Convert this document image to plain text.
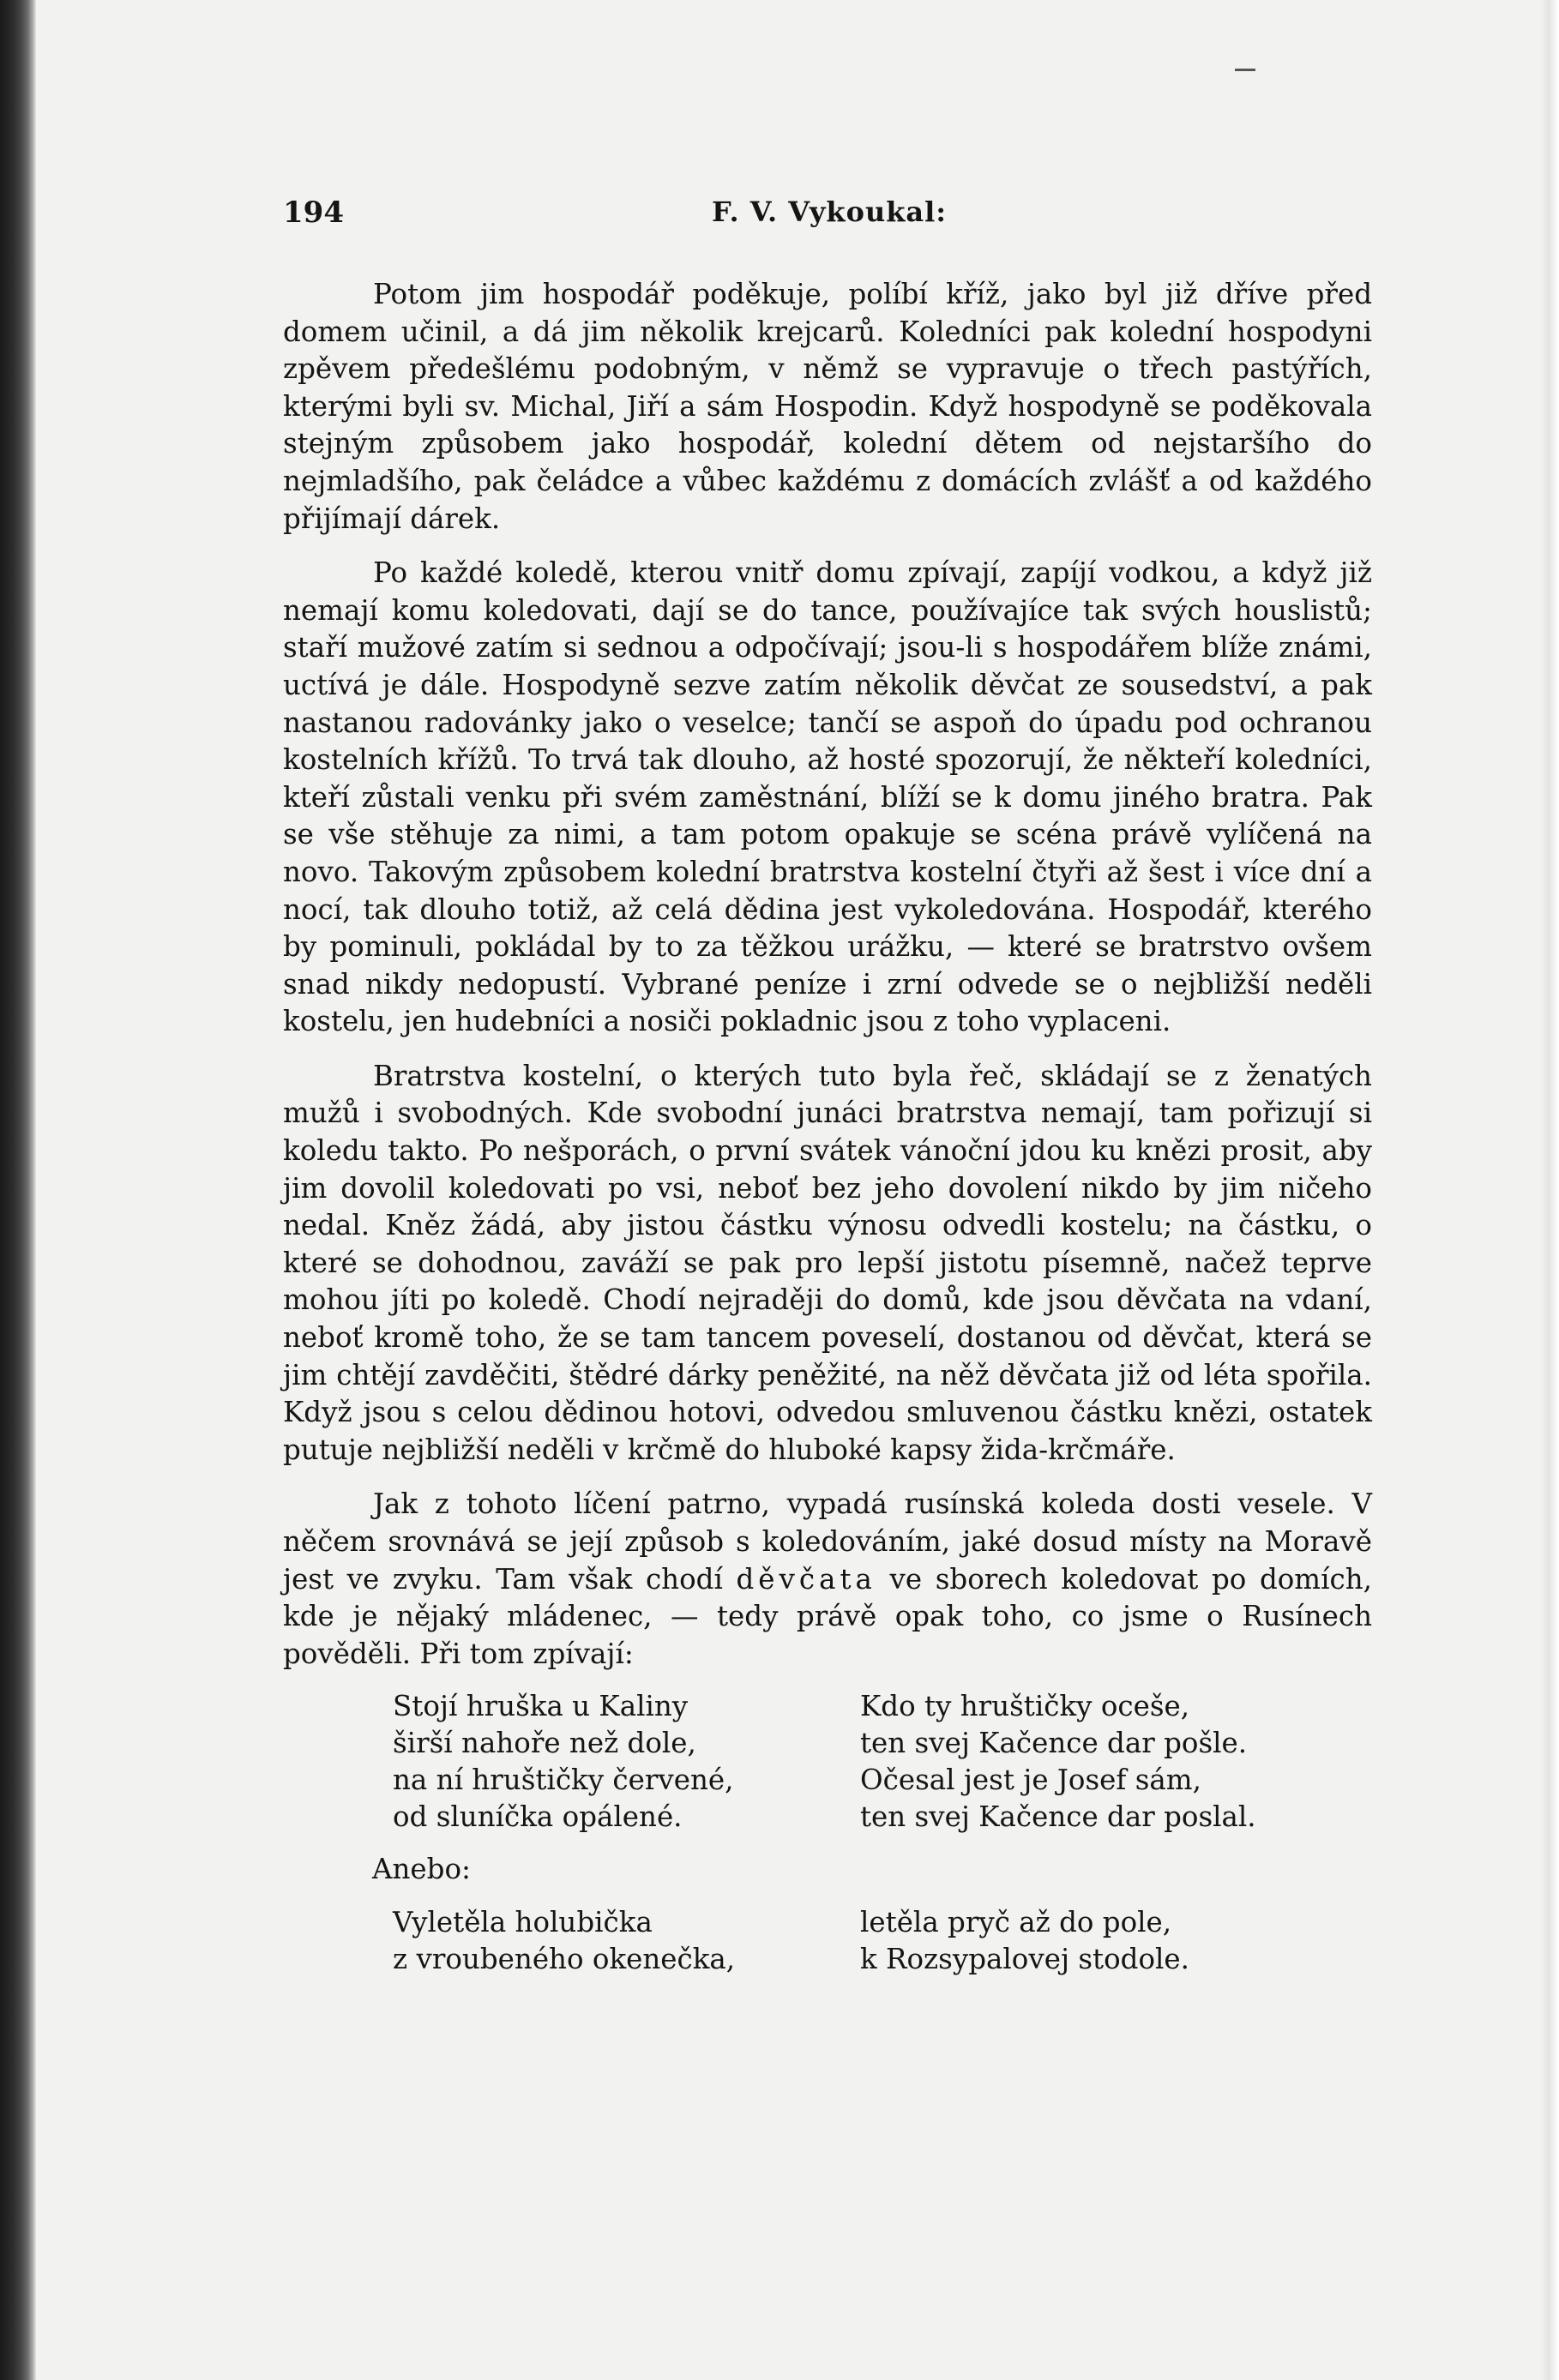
194	F. V. Vykoukal:

Potom jim hospodář poděkuje, políbí kříž, jako byl již dříve před domem učinil, a dá jim několik krejcarů. Koledníci pak kolední hospodyni zpěvem předešlému podobným, v němž se vypravuje o třech pastýřích, kterými byli sv. Michal, Jiří a sám Hospodin. Když hospodyně se poděkovala stejným způsobem jako hospodář, kolední dětem od nejstaršího do nejmladšího, pak čeládce a vůbec každému z domácích zvlášť a od každého přijímají dárek.

Po každé koledě, kterou vnitř domu zpívají, zapíjí vodkou, a když již nemají komu koledovati, dají se do tance, používajíce tak svých houslistů; staří mužové zatím si sednou a odpočívají; jsou-li s hospodářem blíže známi, uctívá je dále. Hospodyně sezve zatím několik děvčat ze sousedství, a pak nastanou radovánky jako o veselce; tančí se aspoň do úpadu pod ochranou kostelních křížů. To trvá tak dlouho, až hosté spozorují, že někteří koledníci, kteří zůstali venku při svém zaměstnání, blíží se k domu jiného bratra. Pak se vše stěhuje za nimi, a tam potom opakuje se scéna právě vylíčená na novo. Takovým způsobem kolední bratrstva kostelní čtyři až šest i více dní a nocí, tak dlouho totiž, až celá dědina jest vykoledována. Hospodář, kterého by pominuli, pokládal by to za těžkou urážku, — které se bratrstvo ovšem snad nikdy nedopustí. Vybrané peníze i zrní odvede se o nejbližší neděli kostelu, jen hudebníci a nosiči pokladnic jsou z toho vyplaceni.

Bratrstva kostelní, o kterých tuto byla řeč, skládají se z ženatých mužů i svobodných. Kde svobodní junáci bratrstva nemají, tam pořizují si koledu takto. Po nešporách, o první svátek vánoční jdou ku knězi prosit, aby jim dovolil koledovati po vsi, neboť bez jeho dovolení nikdo by jim ničeho nedal. Kněz žádá, aby jistou částku výnosu odvedli kostelu; na částku, o které se dohodnou, zaváží se pak pro lepší jistotu písemně, načež teprve mohou jíti po koledě. Chodí nejraději do domů, kde jsou děvčata na vdaní, neboť kromě toho, že se tam tancem poveselí, dostanou od děvčat, která se jim chtějí zavděčiti, štědré dárky peněžité, na něž děvčata již od léta spořila. Když jsou s celou dědinou hotovi, odvedou smluvenou částku knězi, ostatek putuje nejbližší neděli v krčmě do hluboké kapsy žida-krčmáře.

Jak z tohoto líčení patrno, vypadá rusínská koleda dosti vesele. V něčem srovnává se její způsob s koledováním, jaké dosud místy na Moravě jest ve zvyku. Tam však chodí děvčata ve sborech koledovat po domích, kde je nějaký mládenec, — tedy právě opak toho, co jsme o Rusínech pověděli. Při tom zpívají:

Stojí hruška u Kaliny
širší nahoře než dole,
na ní hruštičky červené,
od sluníčka opálené.
Kdo ty hruštičky oceše,
ten svej Kačence dar pošle.
Očesal jest je Josef sám,
ten svej Kačence dar poslal.
Anebo:
Vyletěla holubička
z vroubeného okenečka,
letěla pryč až do pole,
k Rozsypalovej stodole.
